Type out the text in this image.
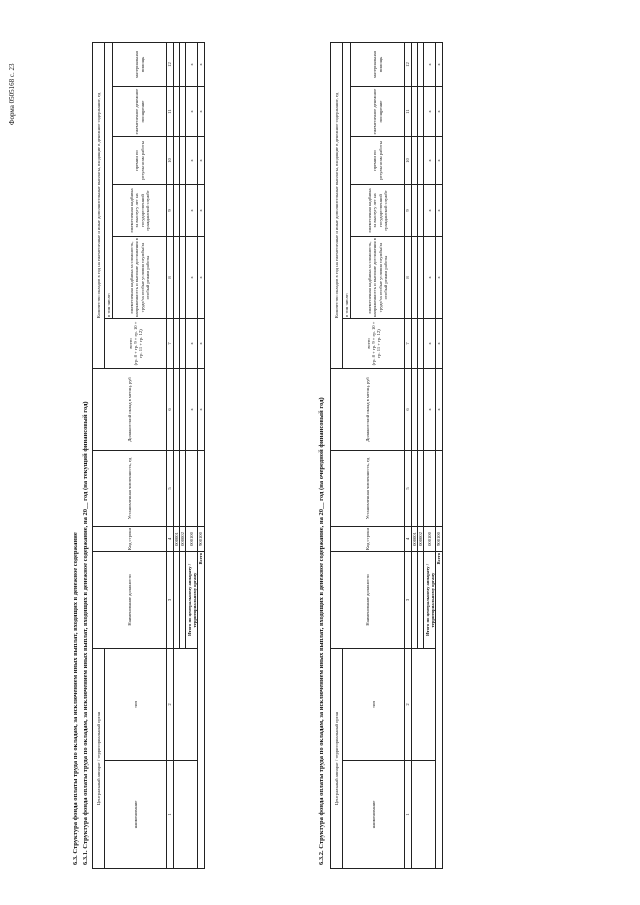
Форма 0505168 с. 23
6.3. Структура фонда оплаты труда по окладам, за исключением иных выплат, входящих в денежное содержание 6.3.1. Структура фонда оплаты труда по окладам, за исключением иных выплат, входящих в денежное содержание, на 20__ год (на текущий финансовый год) Центральный аппарат / территориальный орган		Наименование должности	Код строки	Установленная численность, ед	Должностной оклад в месяц, руб	Количество окладов в год на ежемесячные и иные дополнительные выплаты, входящие в денежное содержание, ед					
наименование	тип					всего (гр. 8 + гр. 9 + гр. 10 + гр. 11 + гр. 12)	в том числе:				
							ежемесячная надбавка за сложность, напряженность и высокие достижения в труде/за особые условия службы/за особый режим работы	ежемесячная надбавка за выслугу лет на государственной гражданской службе	премии по результатам работы	ежемесячное денежное поощрение	материальная помощь
1	2	3	4	5	6	7	8	9	10	11	12
			000001								
			000002								
		Итого по центральному аппарату / территориальному органу	000100		x	x	x	x	x	x	x
Всего			900100		x	x	x	x	x	x	x
6.3.2. Структура фонда оплаты труда по окладам, за исключением иных выплат, входящих в денежное содержание, на 20__ год (на очередной финансовый год) Центральный аппарат / территориальный орган		Наименование должности	Код строки	Установленная численность, ед	Должностной оклад в месяц, руб	Количество окладов в год на ежемесячные и иные дополнительные выплаты, входящие в денежное содержание, ед					
наименование	тип					всего (гр. 8 + гр. 9 + гр. 10 + гр. 11 + гр. 12)	в том числе:				
							ежемесячная надбавка за сложность, напряженность и высокие достижения в труде/за особые условия службы/за особый режим работы	ежемесячная надбавка за выслугу лет на государственной гражданской службе	премии по результатам работы	ежемесячное денежное поощрение	материальная помощь
1	2	3	4	5	6	7	8	9	10	11	12
			000001								
			000002								
		Итого по центральному аппарату / территориальному органу	000100		x	x	x	x	x	x	x
Всего			900100		x	x	x	x	x	x	x
